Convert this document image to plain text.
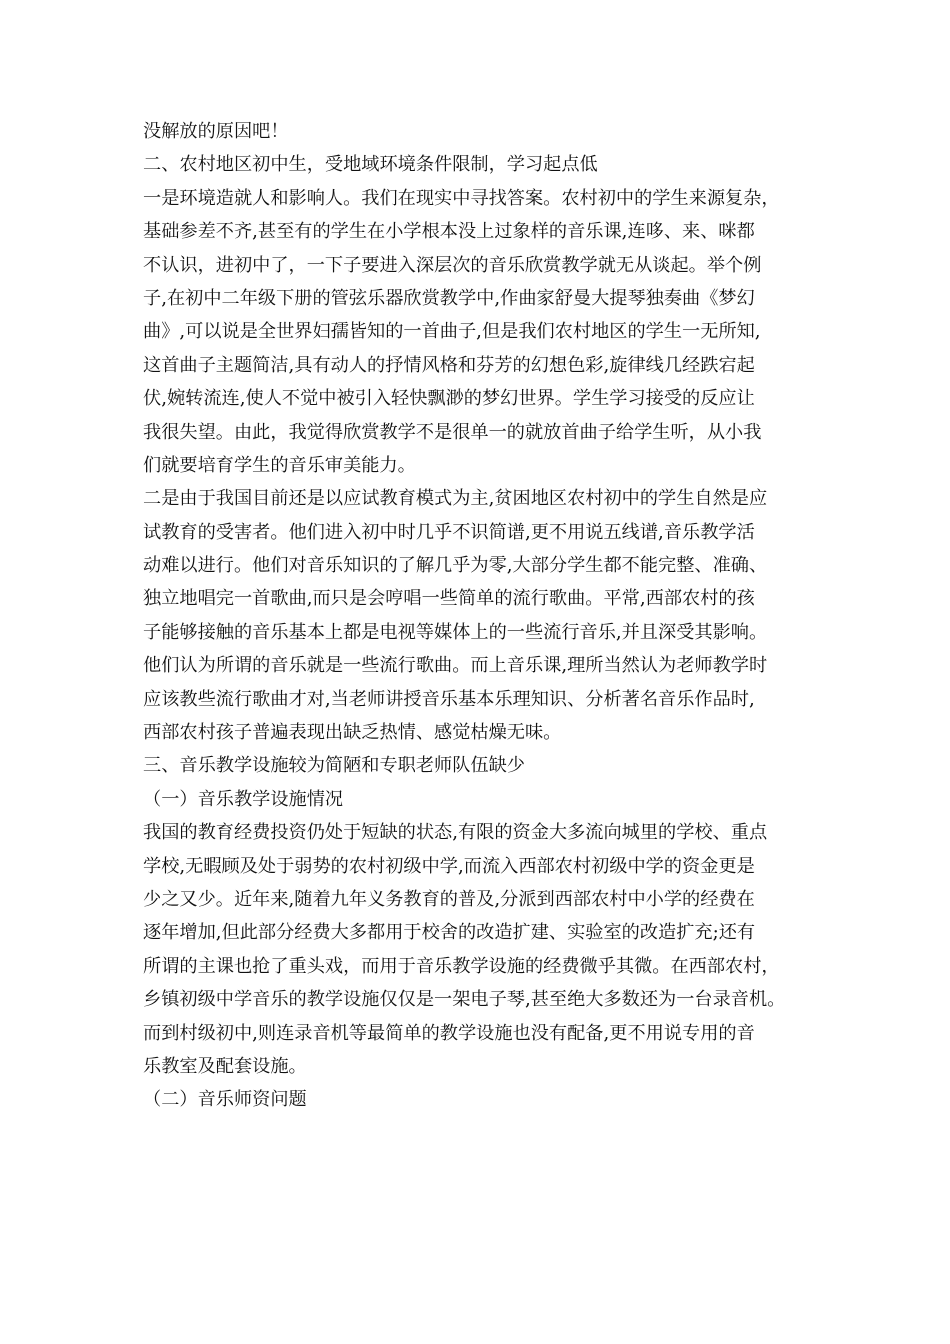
没解放的原因吧！
二、农村地区初中生，受地域环境条件限制，学习起点低
一是环境造就人和影响人。我们在现实中寻找答案。农村初中的学生来源复杂，
基础参差不齐,甚至有的学生在小学根本没上过象样的音乐课,连哆、来、咪都
不认识，进初中了，一下子要进入深层次的音乐欣赏教学就无从谈起。举个例
子,在初中二年级下册的管弦乐器欣赏教学中,作曲家舒曼大提琴独奏曲《梦幻
曲》,可以说是全世界妇孺皆知的一首曲子,但是我们农村地区的学生一无所知,
这首曲子主题简洁,具有动人的抒情风格和芬芳的幻想色彩,旋律线几经跌宕起
伏,婉转流连,使人不觉中被引入轻快飘渺的梦幻世界。学生学习接受的反应让
我很失望。由此，我觉得欣赏教学不是很单一的就放首曲子给学生听，从小我
们就要培育学生的音乐审美能力。
二是由于我国目前还是以应试教育模式为主,贫困地区农村初中的学生自然是应
试教育的受害者。他们进入初中时几乎不识简谱,更不用说五线谱,音乐教学活
动难以进行。他们对音乐知识的了解几乎为零,大部分学生都不能完整、准确、
独立地唱完一首歌曲,而只是会哼唱一些简单的流行歌曲。平常,西部农村的孩
子能够接触的音乐基本上都是电视等媒体上的一些流行音乐,并且深受其影响。
他们认为所谓的音乐就是一些流行歌曲。而上音乐课,理所当然认为老师教学时
应该教些流行歌曲才对,当老师讲授音乐基本乐理知识、分析著名音乐作品时,
西部农村孩子普遍表现出缺乏热情、感觉枯燥无味。
三、音乐教学设施较为简陋和专职老师队伍缺少
（一）音乐教学设施情况
我国的教育经费投资仍处于短缺的状态,有限的资金大多流向城里的学校、重点
学校,无暇顾及处于弱势的农村初级中学,而流入西部农村初级中学的资金更是
少之又少。近年来,随着九年义务教育的普及,分派到西部农村中小学的经费在
逐年增加,但此部分经费大多都用于校舍的改造扩建、实验室的改造扩充;还有
所谓的主课也抢了重头戏，而用于音乐教学设施的经费微乎其微。在西部农村，
乡镇初级中学音乐的教学设施仅仅是一架电子琴,甚至绝大多数还为一台录音机。
而到村级初中,则连录音机等最简单的教学设施也没有配备,更不用说专用的音
乐教室及配套设施。
（二）音乐师资问题
